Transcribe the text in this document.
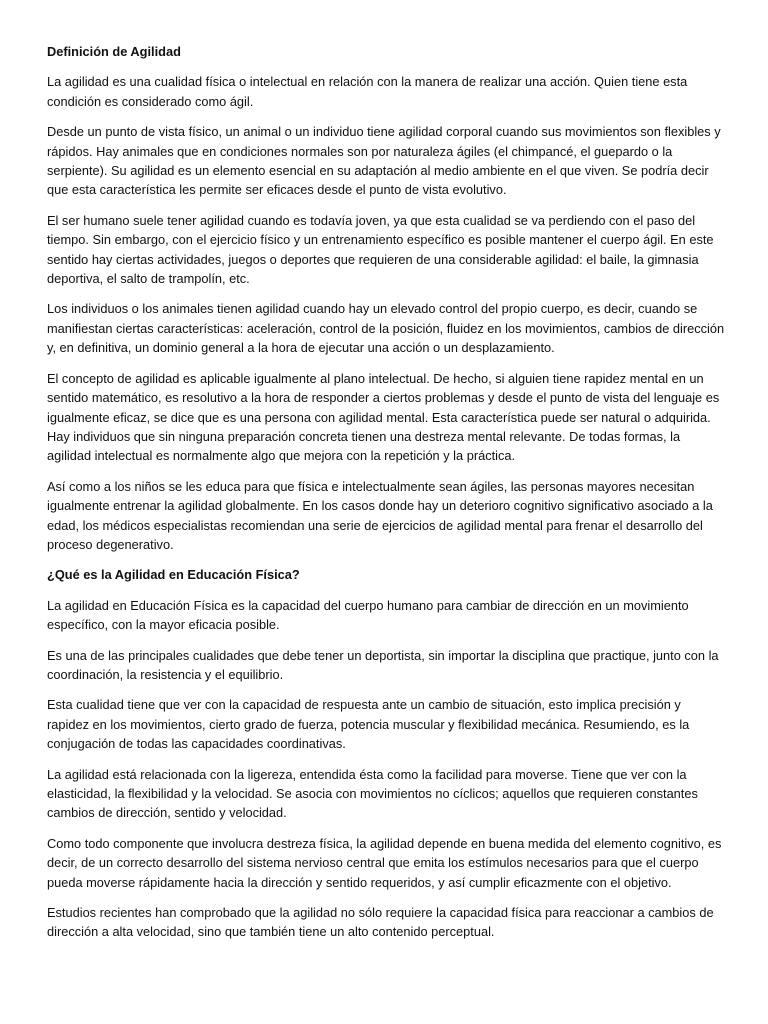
Definición de Agilidad
La agilidad es una cualidad física o intelectual en relación con la manera de realizar una acción. Quien tiene esta condición es considerado como ágil.
Desde un punto de vista físico, un animal o un individuo tiene agilidad corporal cuando sus movimientos son flexibles y rápidos. Hay animales que en condiciones normales son por naturaleza ágiles (el chimpancé, el guepardo o la serpiente). Su agilidad es un elemento esencial en su adaptación al medio ambiente en el que viven. Se podría decir que esta característica les permite ser eficaces desde el punto de vista evolutivo.
El ser humano suele tener agilidad cuando es todavía joven, ya que esta cualidad se va perdiendo con el paso del tiempo. Sin embargo, con el ejercicio físico y un entrenamiento específico es posible mantener el cuerpo ágil. En este sentido hay ciertas actividades, juegos o deportes que requieren de una considerable agilidad: el baile, la gimnasia deportiva, el salto de trampolín, etc.
Los individuos o los animales tienen agilidad cuando hay un elevado control del propio cuerpo, es decir, cuando se manifiestan ciertas características: aceleración, control de la posición, fluidez en los movimientos, cambios de dirección y, en definitiva, un dominio general a la hora de ejecutar una acción o un desplazamiento.
El concepto de agilidad es aplicable igualmente al plano intelectual. De hecho, si alguien tiene rapidez mental en un sentido matemático, es resolutivo a la hora de responder a ciertos problemas y desde el punto de vista del lenguaje es igualmente eficaz, se dice que es una persona con agilidad mental. Esta característica puede ser natural o adquirida. Hay individuos que sin ninguna preparación concreta tienen una destreza mental relevante. De todas formas, la agilidad intelectual es normalmente algo que mejora con la repetición y la práctica.
Así como a los niños se les educa para que física e intelectualmente sean ágiles, las personas mayores necesitan igualmente entrenar la agilidad globalmente. En los casos donde hay un deterioro cognitivo significativo asociado a la edad, los médicos especialistas recomiendan una serie de ejercicios de agilidad mental para frenar el desarrollo del proceso degenerativo.
¿Qué es la Agilidad en Educación Física?
La agilidad en Educación Física es la capacidad del cuerpo humano para cambiar de dirección en un movimiento específico, con la mayor eficacia posible.
Es una de las principales cualidades que debe tener un deportista, sin importar la disciplina que practique, junto con la coordinación, la resistencia y el equilibrio.
Esta cualidad tiene que ver con la capacidad de respuesta ante un cambio de situación, esto implica precisión y rapidez en los movimientos, cierto grado de fuerza, potencia muscular y flexibilidad mecánica. Resumiendo, es la conjugación de todas las capacidades coordinativas.
La agilidad está relacionada con la ligereza, entendida ésta como la facilidad para moverse. Tiene que ver con la elasticidad, la flexibilidad y la velocidad. Se asocia con movimientos no cíclicos; aquellos que requieren constantes cambios de dirección, sentido y velocidad.
Como todo componente que involucra destreza física, la agilidad depende en buena medida del elemento cognitivo, es decir, de un correcto desarrollo del sistema nervioso central que emita los estímulos necesarios para que el cuerpo pueda moverse rápidamente hacia la dirección y sentido requeridos, y así cumplir eficazmente con el objetivo.
Estudios recientes han comprobado que la agilidad no sólo requiere la capacidad física para reaccionar a cambios de dirección a alta velocidad, sino que también tiene un alto contenido perceptual.
